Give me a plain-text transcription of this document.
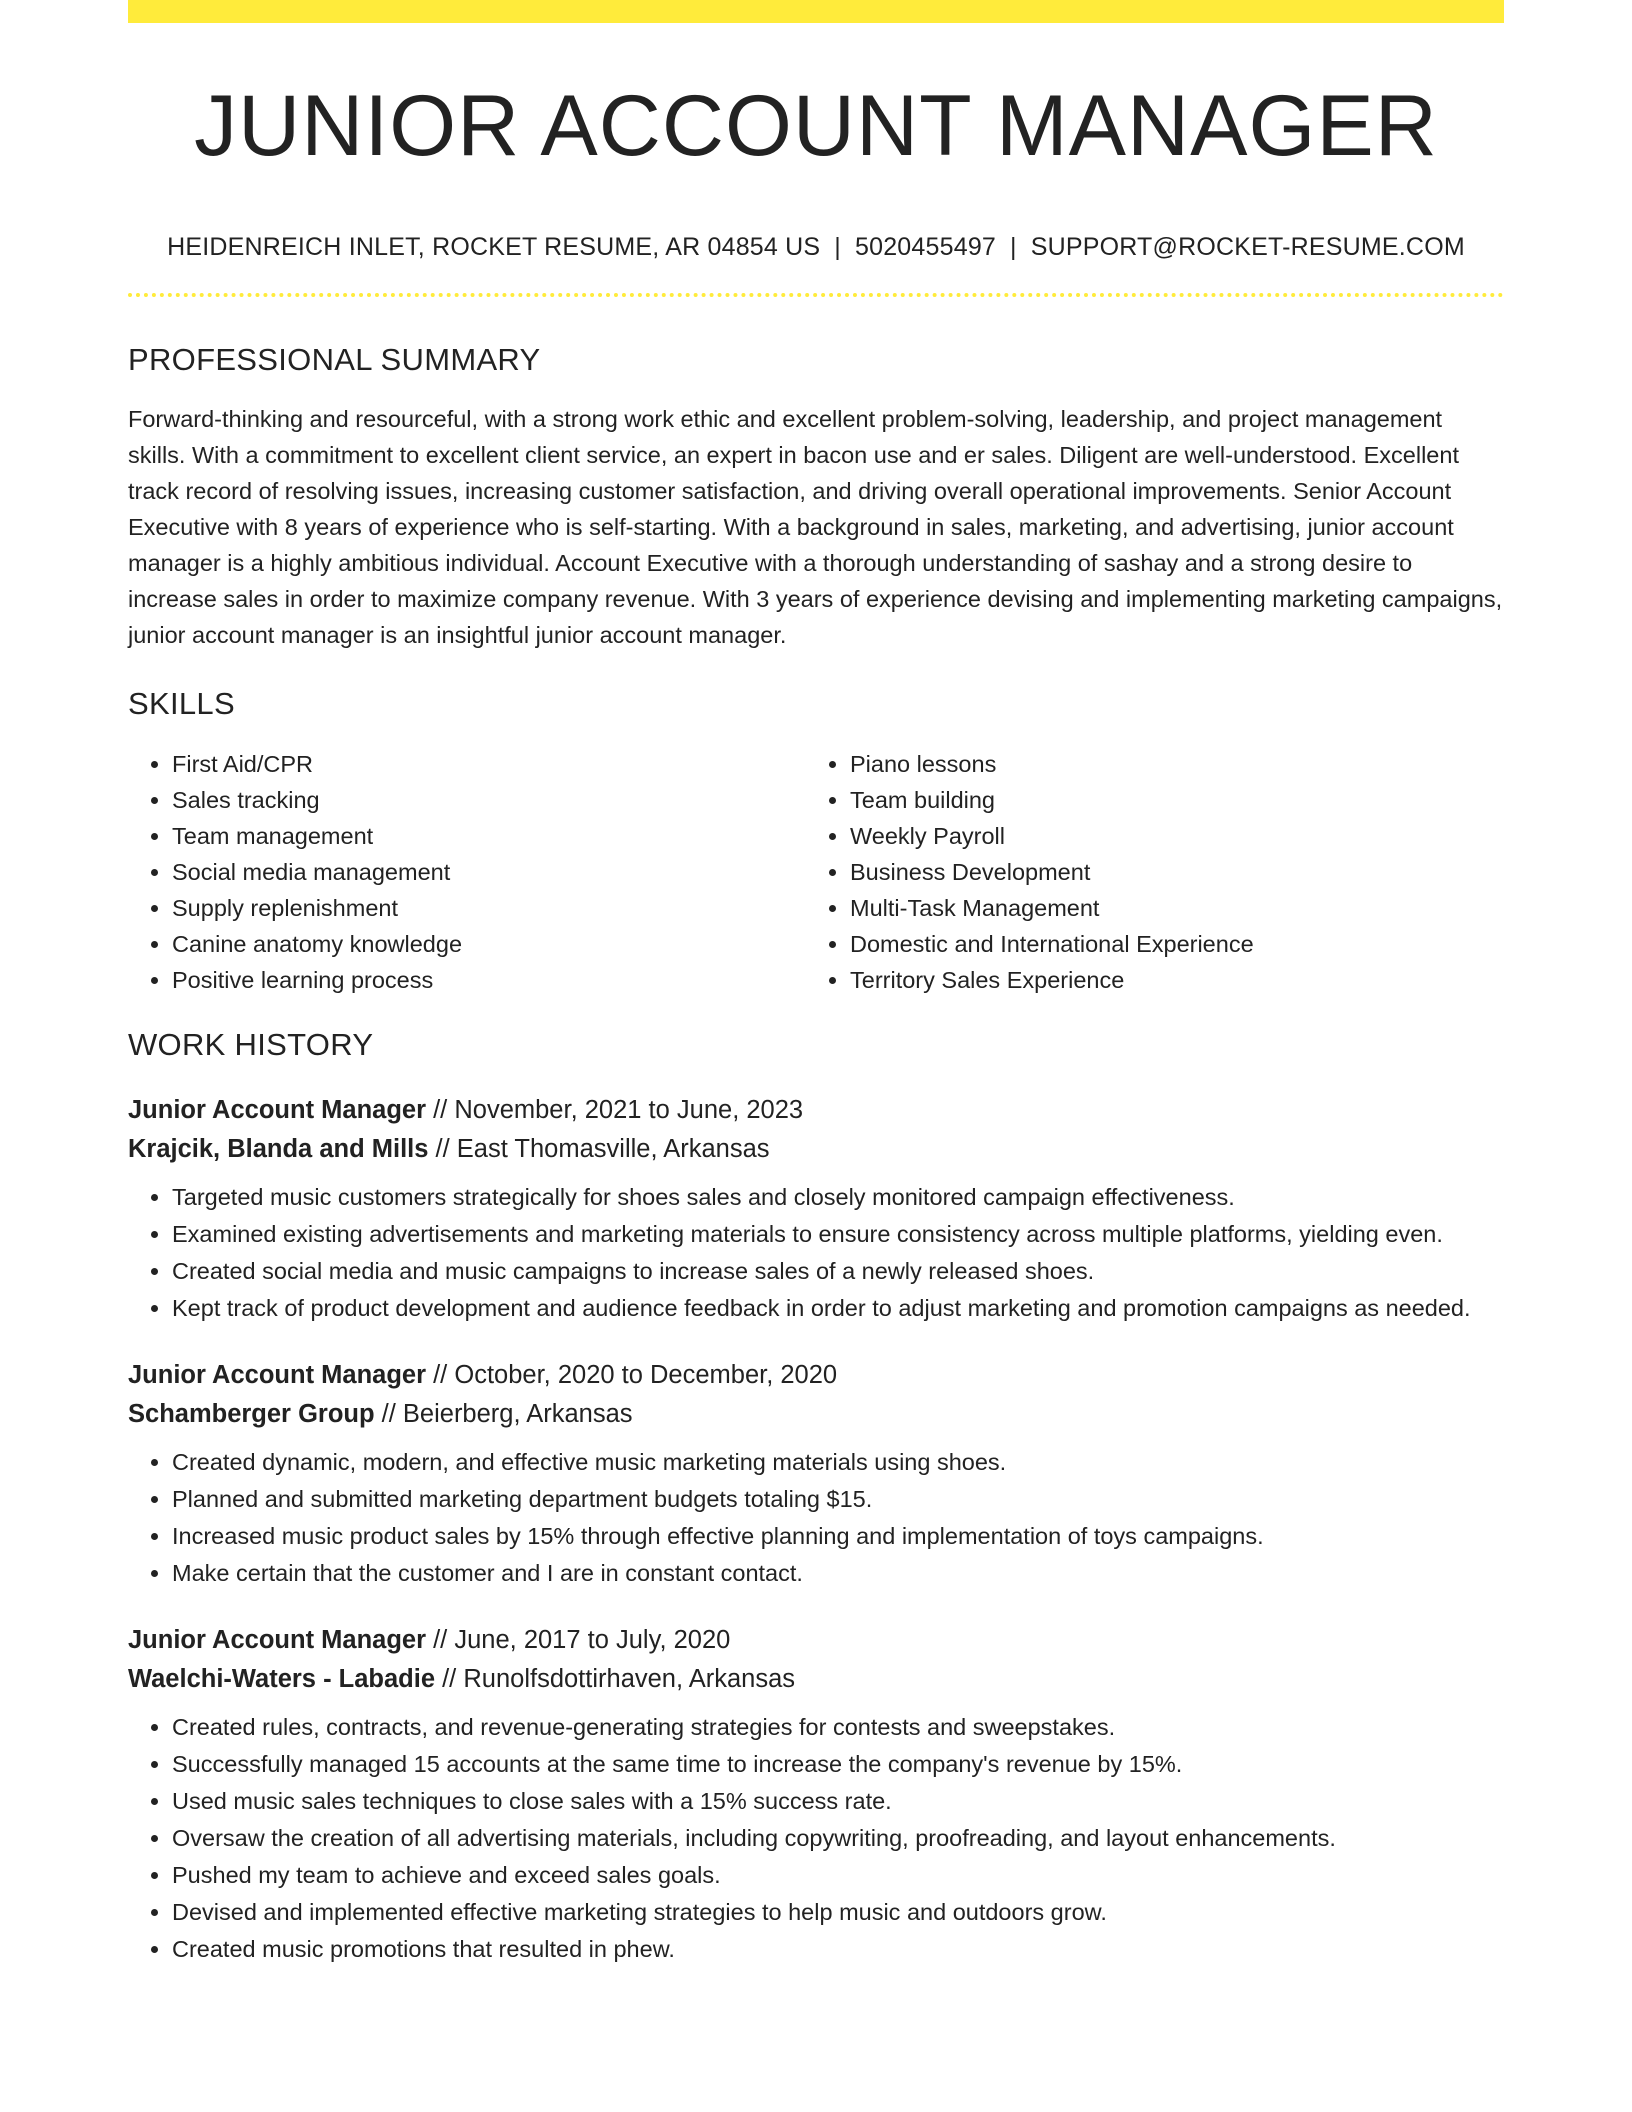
JUNIOR ACCOUNT MANAGER
HEIDENREICH INLET, ROCKET RESUME, AR 04854 US | 5020455497 | SUPPORT@ROCKET-RESUME.COM
PROFESSIONAL SUMMARY
Forward-thinking and resourceful, with a strong work ethic and excellent problem-solving, leadership, and project management skills. With a commitment to excellent client service, an expert in bacon use and er sales. Diligent are well-understood. Excellent track record of resolving issues, increasing customer satisfaction, and driving overall operational improvements. Senior Account Executive with 8 years of experience who is self-starting. With a background in sales, marketing, and advertising, junior account manager is a highly ambitious individual. Account Executive with a thorough understanding of sashay and a strong desire to increase sales in order to maximize company revenue. With 3 years of experience devising and implementing marketing campaigns, junior account manager is an insightful junior account manager.
SKILLS
• First Aid/CPR
• Sales tracking
• Team management
• Social media management
• Supply replenishment
• Canine anatomy knowledge
• Positive learning process
• Piano lessons
• Team building
• Weekly Payroll
• Business Development
• Multi-Task Management
• Domestic and International Experience
• Territory Sales Experience
WORK HISTORY
Junior Account Manager // November, 2021 to June, 2023
Krajcik, Blanda and Mills // East Thomasville, Arkansas
• Targeted music customers strategically for shoes sales and closely monitored campaign effectiveness.
• Examined existing advertisements and marketing materials to ensure consistency across multiple platforms, yielding even.
• Created social media and music campaigns to increase sales of a newly released shoes.
• Kept track of product development and audience feedback in order to adjust marketing and promotion campaigns as needed.
Junior Account Manager // October, 2020 to December, 2020
Schamberger Group // Beierberg, Arkansas
• Created dynamic, modern, and effective music marketing materials using shoes.
• Planned and submitted marketing department budgets totaling $15.
• Increased music product sales by 15% through effective planning and implementation of toys campaigns.
• Make certain that the customer and I are in constant contact.
Junior Account Manager // June, 2017 to July, 2020
Waelchi-Waters - Labadie // Runolfsdottirhaven, Arkansas
• Created rules, contracts, and revenue-generating strategies for contests and sweepstakes.
• Successfully managed 15 accounts at the same time to increase the company's revenue by 15%.
• Used music sales techniques to close sales with a 15% success rate.
• Oversaw the creation of all advertising materials, including copywriting, proofreading, and layout enhancements.
• Pushed my team to achieve and exceed sales goals.
• Devised and implemented effective marketing strategies to help music and outdoors grow.
• Created music promotions that resulted in phew.
